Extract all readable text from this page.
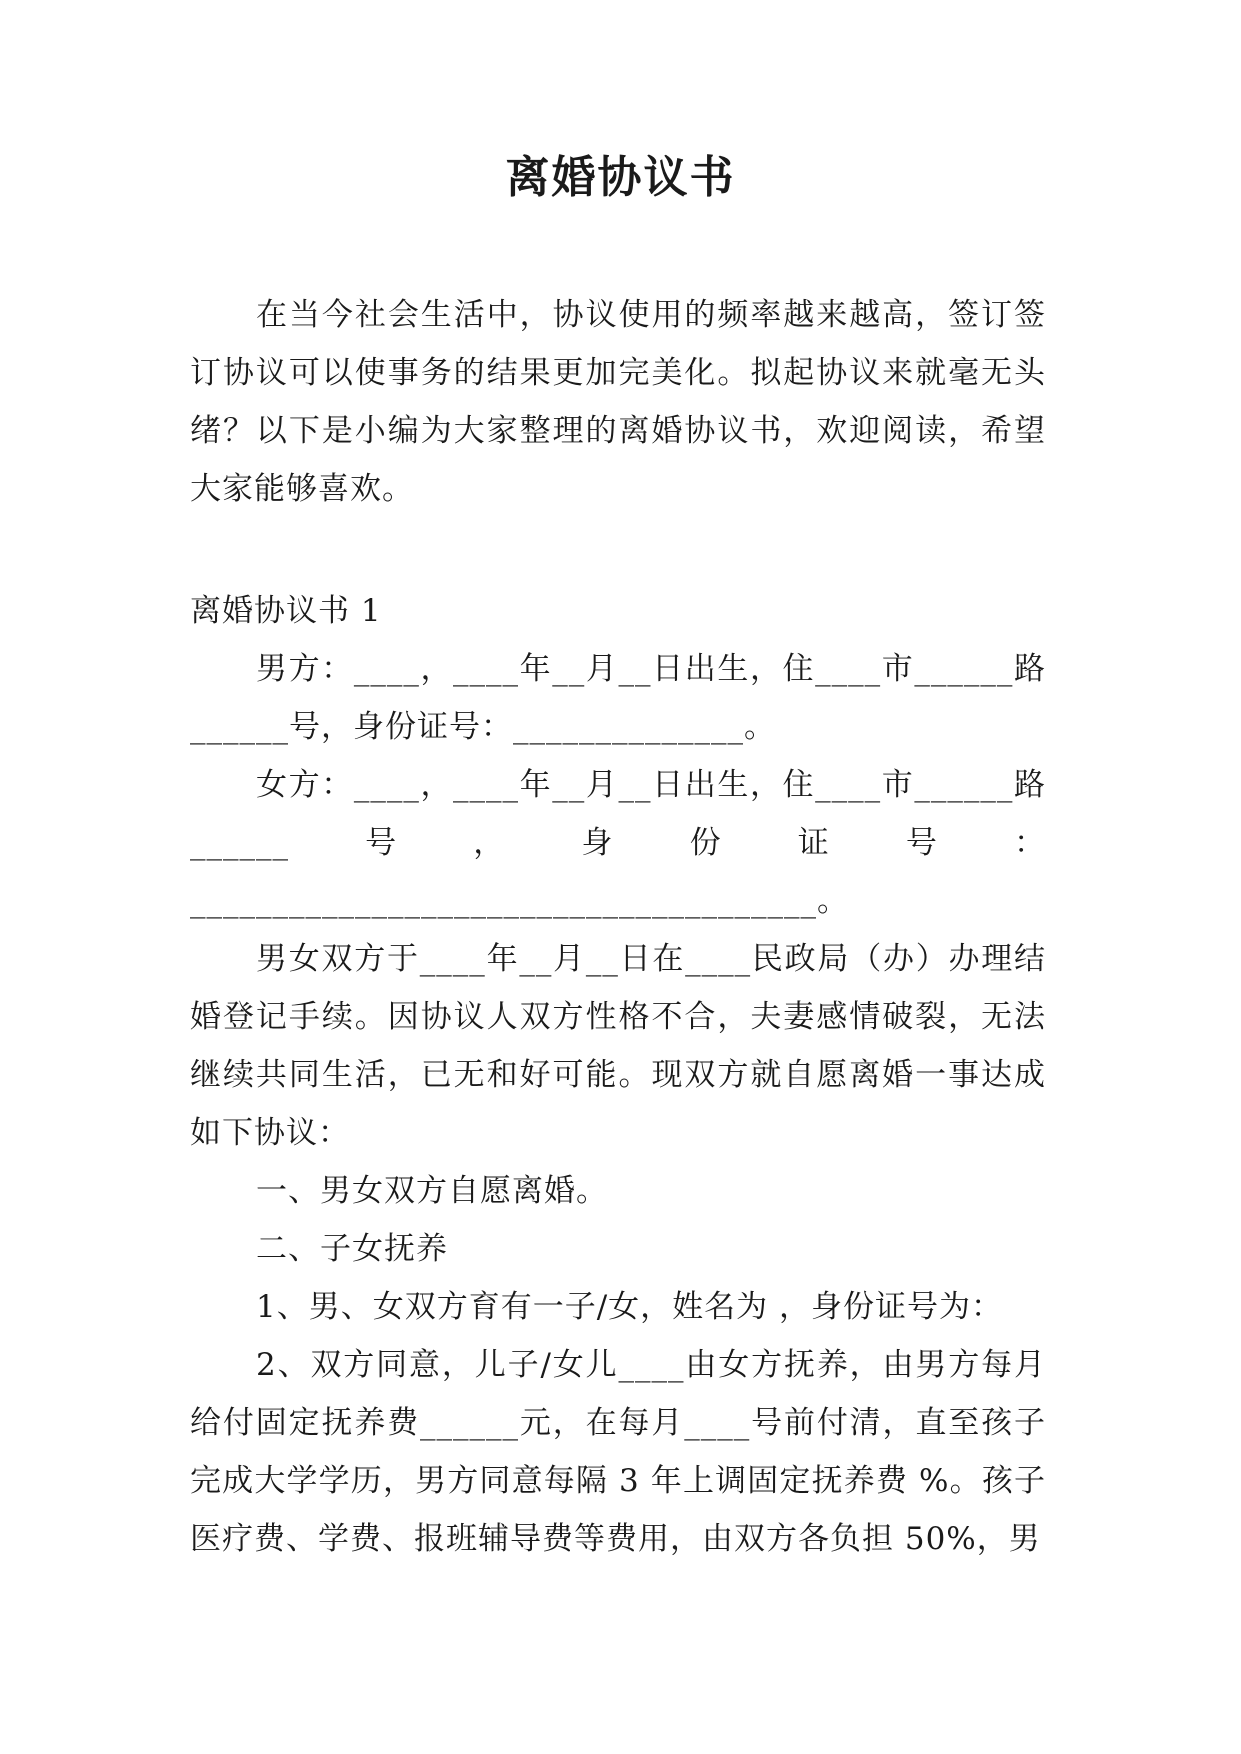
离婚协议书

在当今社会生活中，协议使用的频率越来越高，签订签订协议可以使事务的结果更加完美化。拟起协议来就毫无头绪？以下是小编为大家整理的离婚协议书，欢迎阅读，希望大家能够喜欢。

离婚协议书 1

男方：____，____年__月__日出生，住____市______路______号，身份证号：______________。

女方：____，____年__月__日出生，住____市______路______号，身份证号：______________________________________。

男女双方于____年__月__日在____民政局（办）办理结婚登记手续。因协议人双方性格不合，夫妻感情破裂，无法继续共同生活，已无和好可能。现双方就自愿离婚一事达成如下协议：

一、男女双方自愿离婚。

二、子女抚养

1、男、女双方育有一子/女，姓名为 ，身份证号为：

2、双方同意，儿子/女儿____由女方抚养，由男方每月给付固定抚养费______元，在每月____号前付清，直至孩子完成大学学历，男方同意每隔 3 年上调固定抚养费 %。孩子医疗费、学费、报班辅导费等费用，由双方各负担 50%，男
